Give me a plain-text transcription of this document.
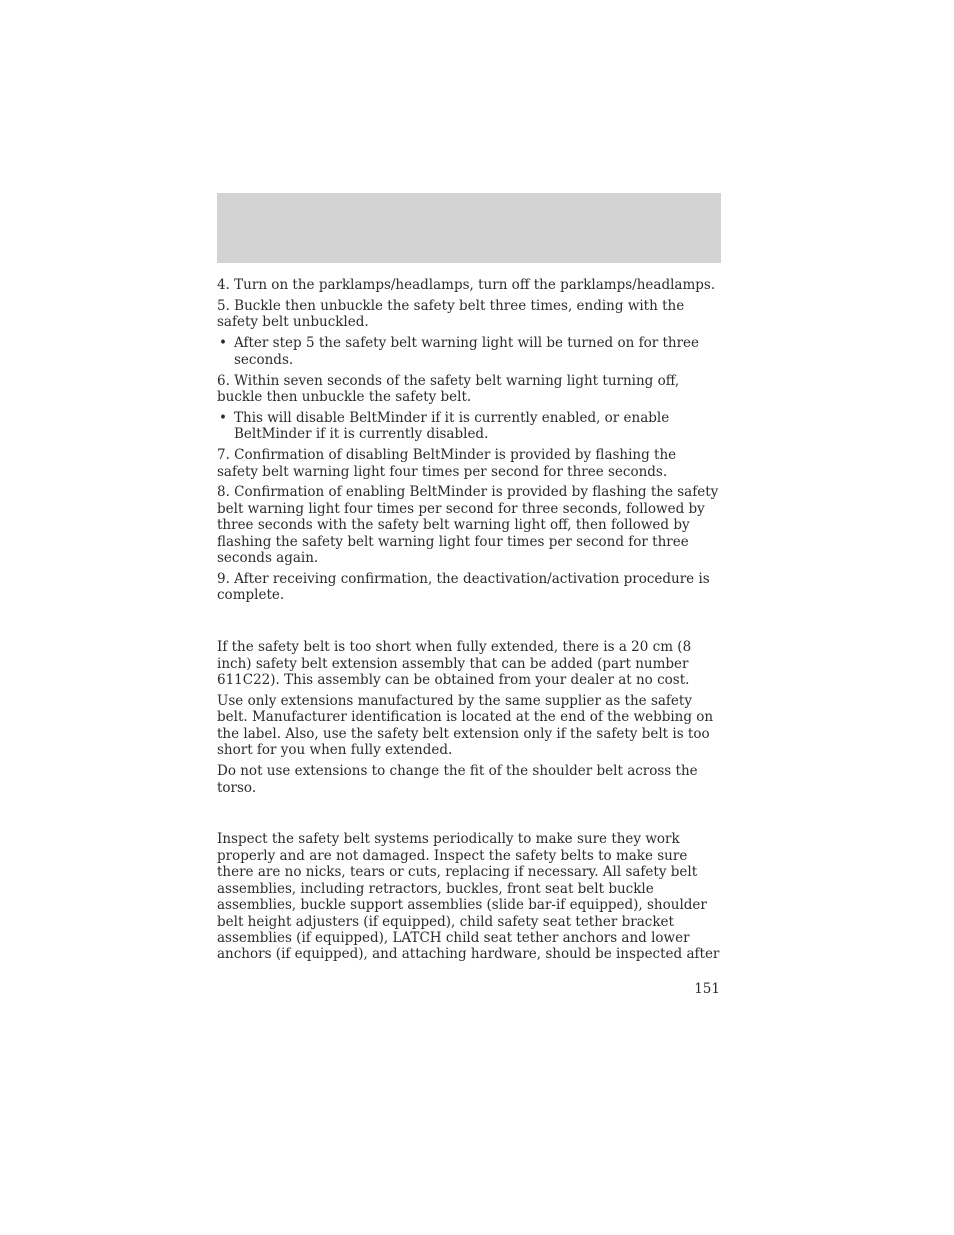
4. Turn on the parklamps/headlamps, turn off the parklamps/headlamps.

5. Buckle then unbuckle the safety belt three times, ending with the safety belt unbuckled.

• After step 5 the safety belt warning light will be turned on for three seconds.

6. Within seven seconds of the safety belt warning light turning off, buckle then unbuckle the safety belt.

• This will disable BeltMinder if it is currently enabled, or enable BeltMinder if it is currently disabled.

7. Confirmation of disabling BeltMinder is provided by flashing the safety belt warning light four times per second for three seconds.

8. Confirmation of enabling BeltMinder is provided by flashing the safety belt warning light four times per second for three seconds, followed by three seconds with the safety belt warning light off, then followed by flashing the safety belt warning light four times per second for three seconds again.

9. After receiving confirmation, the deactivation/activation procedure is complete.

If the safety belt is too short when fully extended, there is a 20 cm (8 inch) safety belt extension assembly that can be added (part number 611C22). This assembly can be obtained from your dealer at no cost.

Use only extensions manufactured by the same supplier as the safety belt. Manufacturer identification is located at the end of the webbing on the label. Also, use the safety belt extension only if the safety belt is too short for you when fully extended.

Do not use extensions to change the fit of the shoulder belt across the torso.

Inspect the safety belt systems periodically to make sure they work properly and are not damaged. Inspect the safety belts to make sure there are no nicks, tears or cuts, replacing if necessary. All safety belt assemblies, including retractors, buckles, front seat belt buckle assemblies, buckle support assemblies (slide bar-if equipped), shoulder belt height adjusters (if equipped), child safety seat tether bracket assemblies (if equipped), LATCH child seat tether anchors and lower anchors (if equipped), and attaching hardware, should be inspected after

151
